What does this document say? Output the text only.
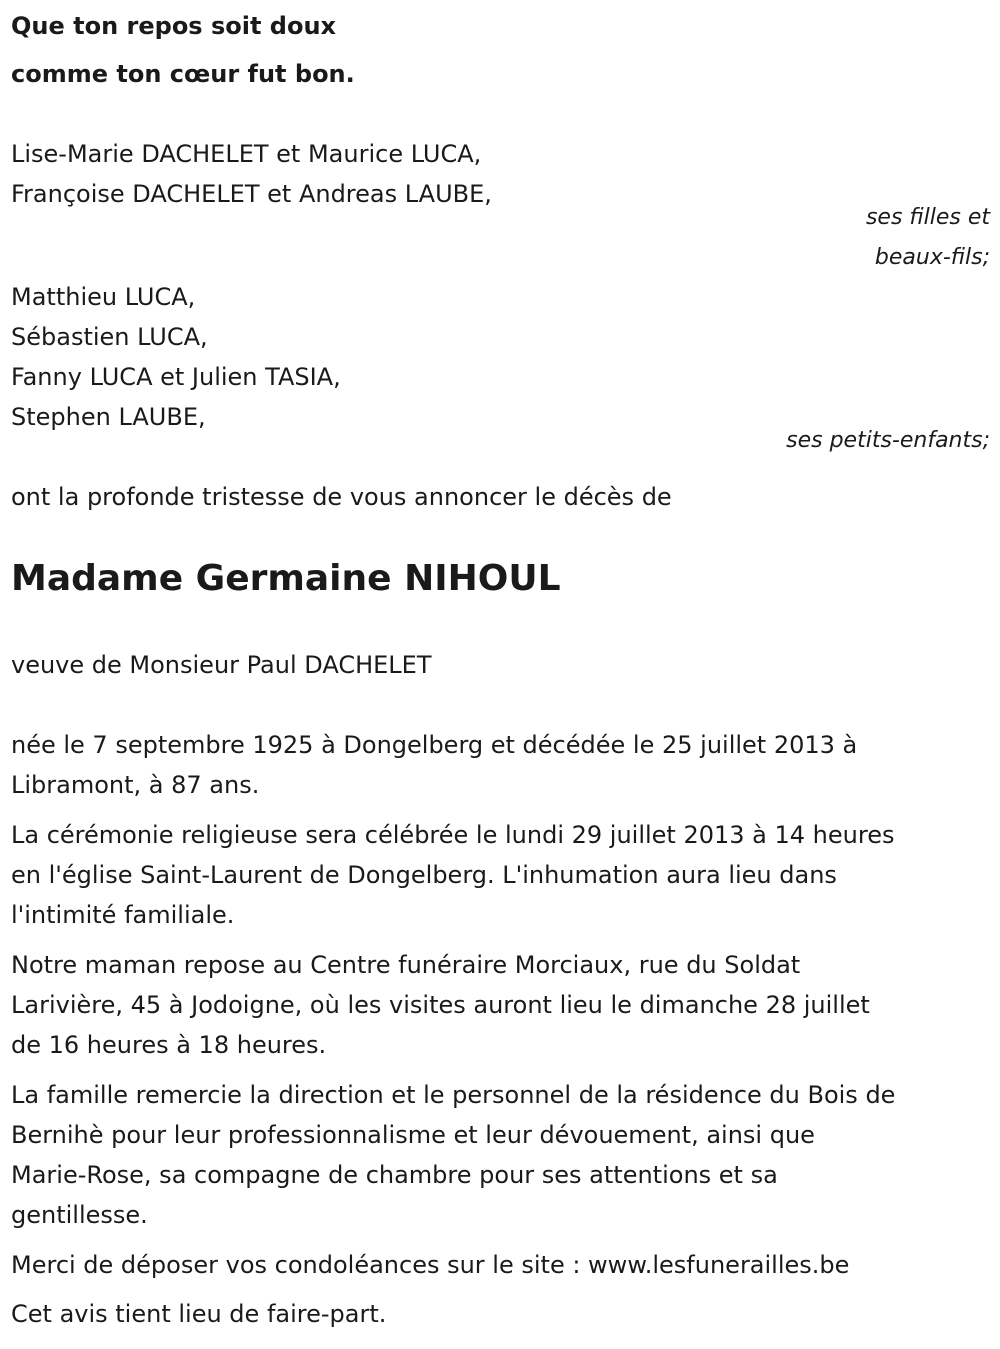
Que ton repos soit doux
comme ton cœur fut bon.
Lise-Marie DACHELET et Maurice LUCA,
Françoise DACHELET et Andreas LAUBE,
ses filles et
beaux-fils;
Matthieu LUCA,
Sébastien LUCA,
Fanny LUCA et Julien TASIA,
Stephen LAUBE,
ses petits-enfants;
ont la profonde tristesse de vous annoncer le décès de
Madame Germaine NIHOUL
veuve de Monsieur Paul DACHELET
née le 7 septembre 1925 à Dongelberg et décédée le 25 juillet 2013 à
Libramont, à 87 ans.
La cérémonie religieuse sera célébrée le lundi 29 juillet 2013 à 14 heures
en l'église Saint-Laurent de Dongelberg. L'inhumation aura lieu dans
l'intimité familiale.
Notre maman repose au Centre funéraire Morciaux, rue du Soldat
Larivière, 45 à Jodoigne, où les visites auront lieu le dimanche 28 juillet
de 16 heures à 18 heures.
La famille remercie la direction et le personnel de la résidence du Bois de
Bernihè pour leur professionnalisme et leur dévouement, ainsi que
Marie-Rose, sa compagne de chambre pour ses attentions et sa
gentillesse.
Merci de déposer vos condoléances sur le site : www.lesfunerailles.be
Cet avis tient lieu de faire-part.
